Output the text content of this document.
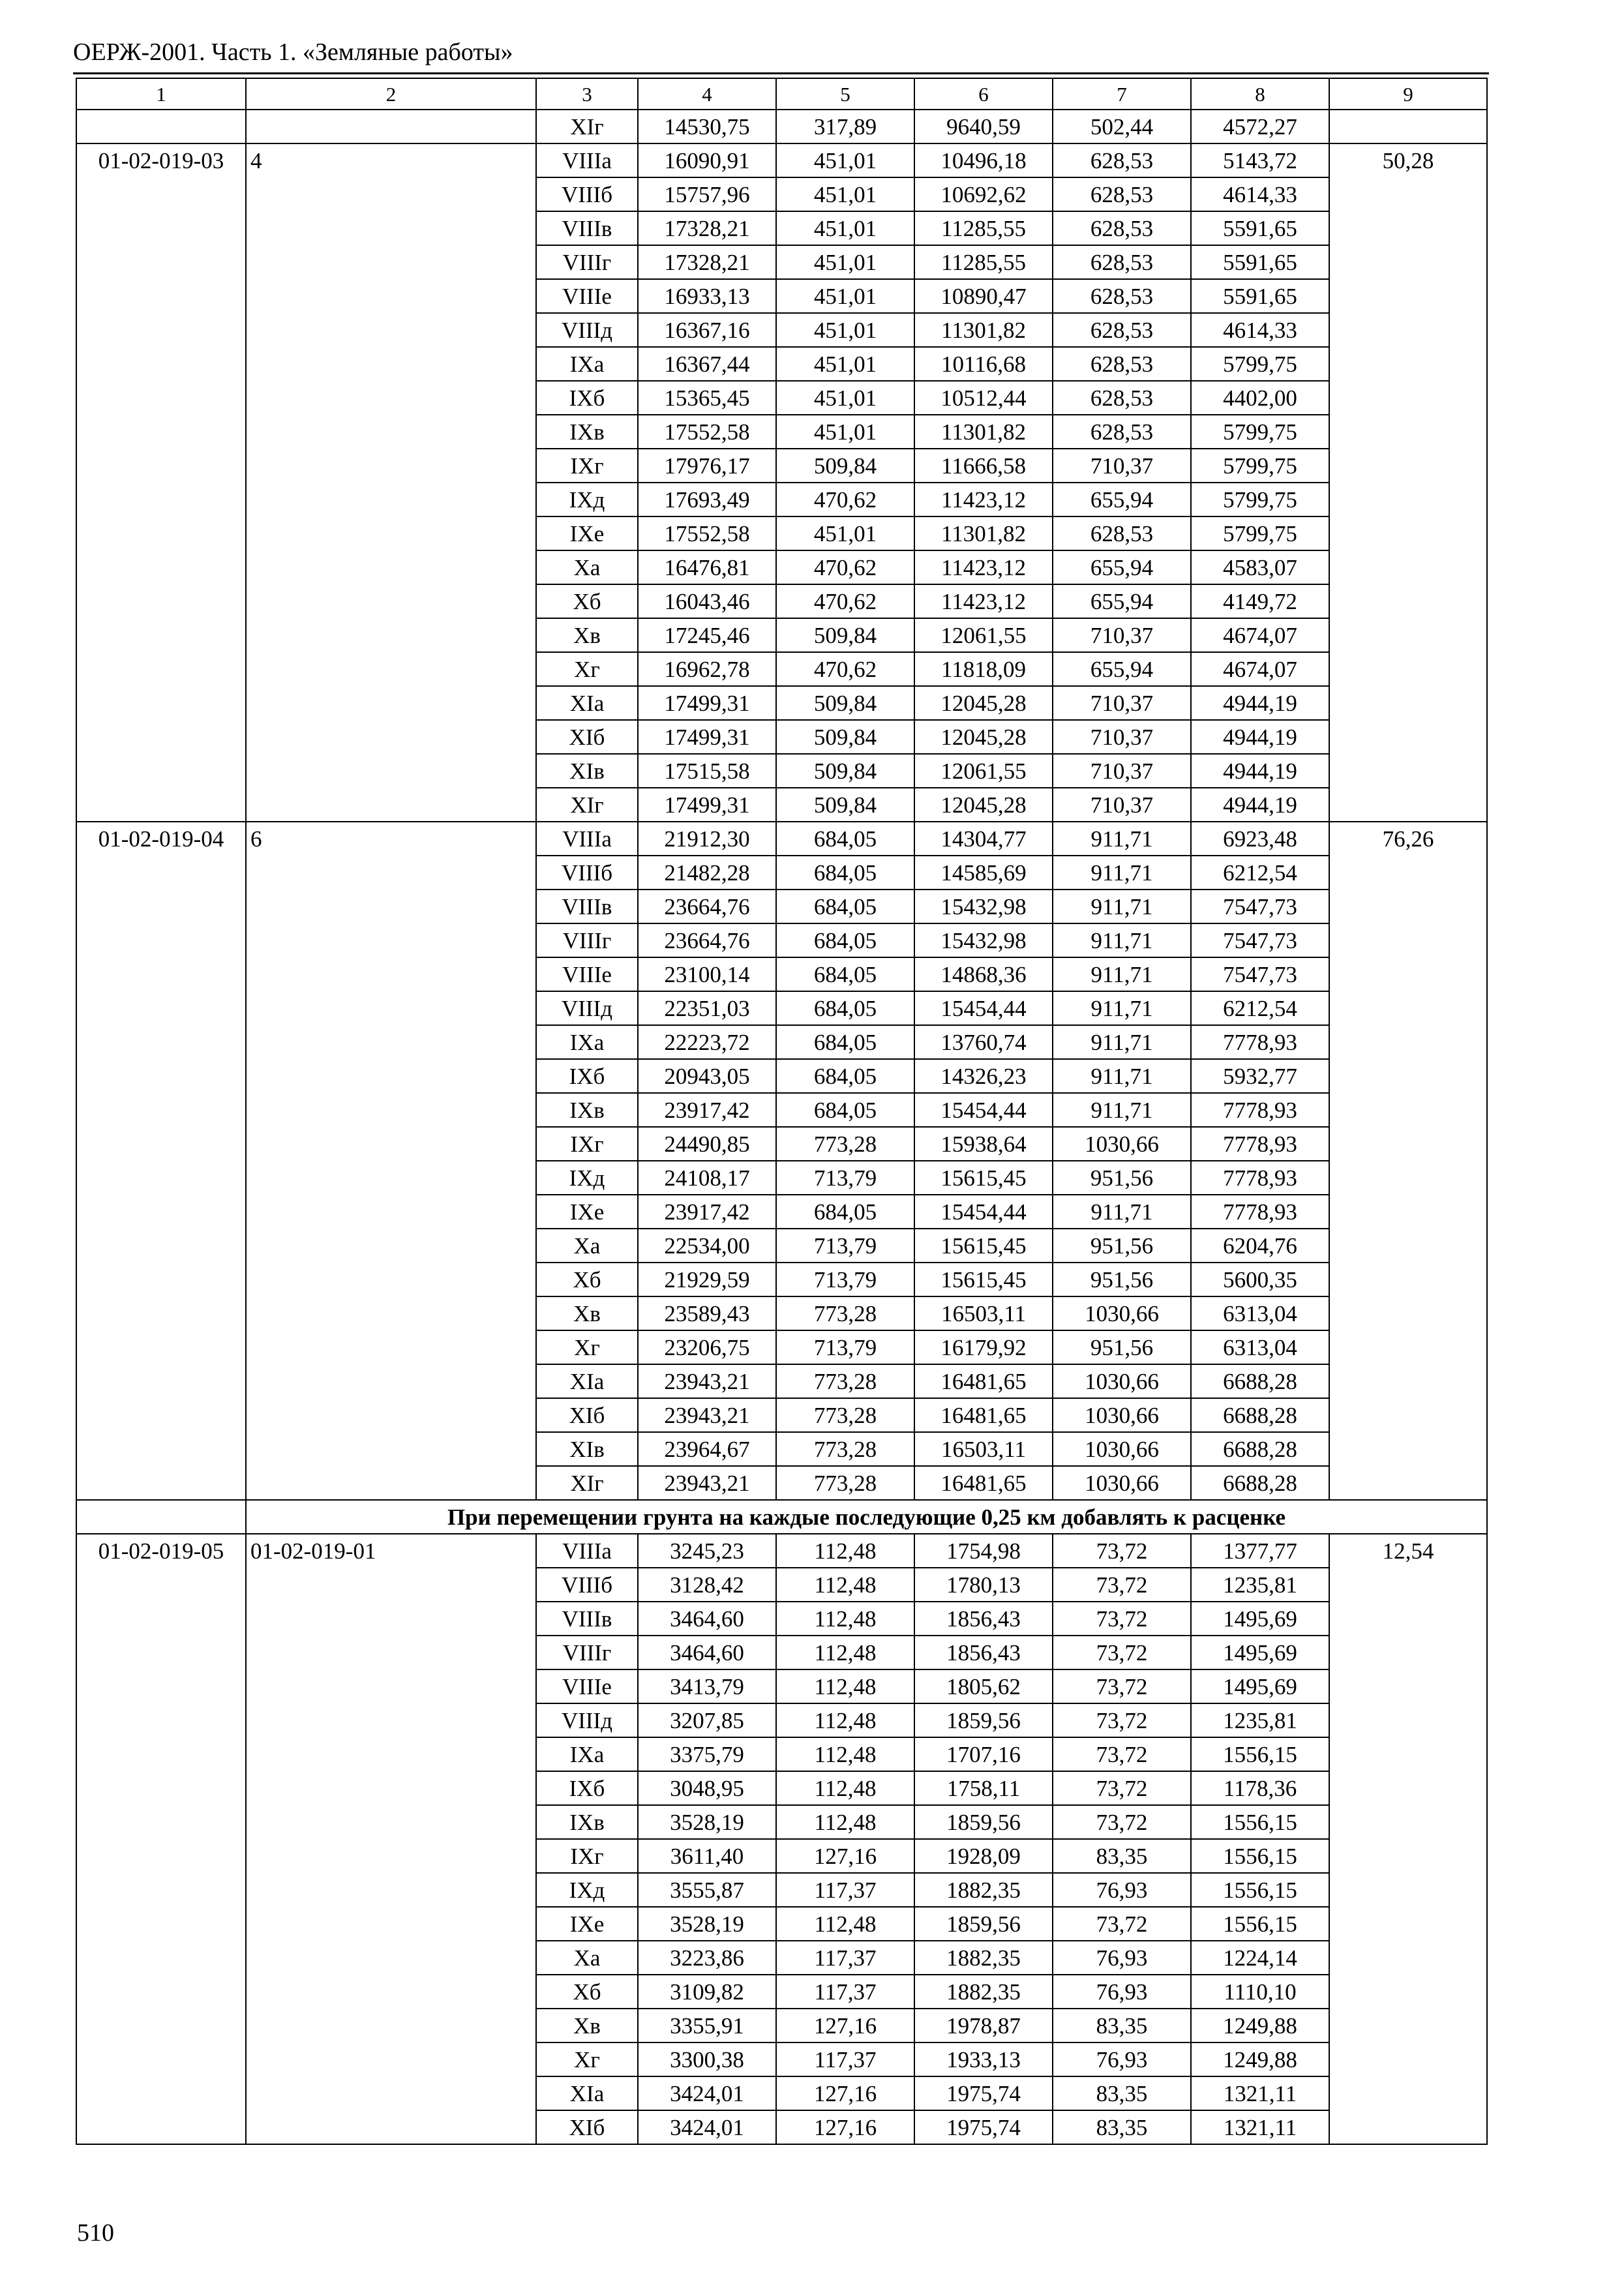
ОЕРЖ-2001. Часть 1. «Земляные работы»
1	2	3	4	5	6	7	8	9
		XIг	14530,75	317,89	9640,59	502,44	4572,27	
01-02-019-03	4	VIIIа	16090,91	451,01	10496,18	628,53	5143,72	50,28
		VIIIб	15757,96	451,01	10692,62	628,53	4614,33	
		VIIIв	17328,21	451,01	11285,55	628,53	5591,65	
		VIIIг	17328,21	451,01	11285,55	628,53	5591,65	
		VIIIе	16933,13	451,01	10890,47	628,53	5591,65	
		VIIIд	16367,16	451,01	11301,82	628,53	4614,33	
		IXа	16367,44	451,01	10116,68	628,53	5799,75	
		IXб	15365,45	451,01	10512,44	628,53	4402,00	
		IXв	17552,58	451,01	11301,82	628,53	5799,75	
		IXг	17976,17	509,84	11666,58	710,37	5799,75	
		IXд	17693,49	470,62	11423,12	655,94	5799,75	
		IXе	17552,58	451,01	11301,82	628,53	5799,75	
		Xа	16476,81	470,62	11423,12	655,94	4583,07	
		Xб	16043,46	470,62	11423,12	655,94	4149,72	
		Xв	17245,46	509,84	12061,55	710,37	4674,07	
		Xг	16962,78	470,62	11818,09	655,94	4674,07	
		XIа	17499,31	509,84	12045,28	710,37	4944,19	
		XIб	17499,31	509,84	12045,28	710,37	4944,19	
		XIв	17515,58	509,84	12061,55	710,37	4944,19	
		XIг	17499,31	509,84	12045,28	710,37	4944,19	
01-02-019-04	6	VIIIа	21912,30	684,05	14304,77	911,71	6923,48	76,26
		VIIIб	21482,28	684,05	14585,69	911,71	6212,54	
		VIIIв	23664,76	684,05	15432,98	911,71	7547,73	
		VIIIг	23664,76	684,05	15432,98	911,71	7547,73	
		VIIIе	23100,14	684,05	14868,36	911,71	7547,73	
		VIIIд	22351,03	684,05	15454,44	911,71	6212,54	
		IXа	22223,72	684,05	13760,74	911,71	7778,93	
		IXб	20943,05	684,05	14326,23	911,71	5932,77	
		IXв	23917,42	684,05	15454,44	911,71	7778,93	
		IXг	24490,85	773,28	15938,64	1030,66	7778,93	
		IXд	24108,17	713,79	15615,45	951,56	7778,93	
		IXе	23917,42	684,05	15454,44	911,71	7778,93	
		Xа	22534,00	713,79	15615,45	951,56	6204,76	
		Xб	21929,59	713,79	15615,45	951,56	5600,35	
		Xв	23589,43	773,28	16503,11	1030,66	6313,04	
		Xг	23206,75	713,79	16179,92	951,56	6313,04	
		XIа	23943,21	773,28	16481,65	1030,66	6688,28	
		XIб	23943,21	773,28	16481,65	1030,66	6688,28	
		XIв	23964,67	773,28	16503,11	1030,66	6688,28	
		XIг	23943,21	773,28	16481,65	1030,66	6688,28	
	При перемещении грунта на каждые последующие 0,25 км добавлять к расценке							
01-02-019-05	01-02-019-01	VIIIа	3245,23	112,48	1754,98	73,72	1377,77	12,54
		VIIIб	3128,42	112,48	1780,13	73,72	1235,81	
		VIIIв	3464,60	112,48	1856,43	73,72	1495,69	
		VIIIг	3464,60	112,48	1856,43	73,72	1495,69	
		VIIIе	3413,79	112,48	1805,62	73,72	1495,69	
		VIIIд	3207,85	112,48	1859,56	73,72	1235,81	
		IXа	3375,79	112,48	1707,16	73,72	1556,15	
		IXб	3048,95	112,48	1758,11	73,72	1178,36	
		IXв	3528,19	112,48	1859,56	73,72	1556,15	
		IXг	3611,40	127,16	1928,09	83,35	1556,15	
		IXд	3555,87	117,37	1882,35	76,93	1556,15	
		IXе	3528,19	112,48	1859,56	73,72	1556,15	
		Xа	3223,86	117,37	1882,35	76,93	1224,14	
		Xб	3109,82	117,37	1882,35	76,93	1110,10	
		Xв	3355,91	127,16	1978,87	83,35	1249,88	
		Xг	3300,38	117,37	1933,13	76,93	1249,88	
		XIа	3424,01	127,16	1975,74	83,35	1321,11	
		XIб	3424,01	127,16	1975,74	83,35	1321,11	
510
